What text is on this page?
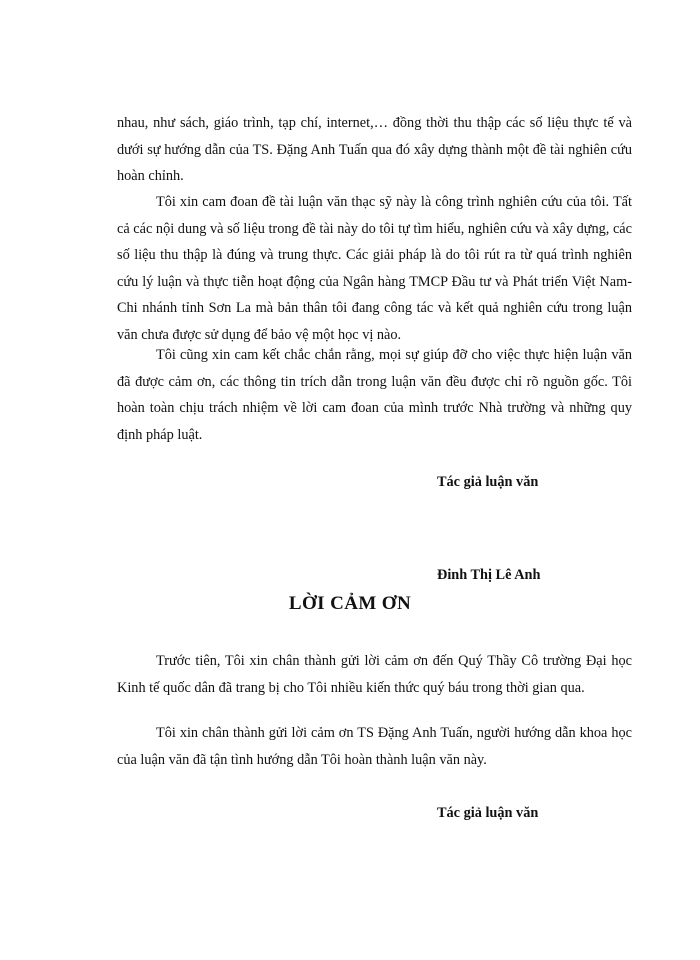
nhau, như sách, giáo trình, tạp chí, internet,… đồng thời thu thập các số liệu thực tế và dưới sự hướng dẫn của TS. Đặng Anh Tuấn qua đó xây dựng thành một đề tài nghiên cứu hoàn chỉnh.

Tôi xin cam đoan đề tài luận văn thạc sỹ này là công trình nghiên cứu của tôi. Tất cả các nội dung và số liệu trong đề tài này do tôi tự tìm hiểu, nghiên cứu và xây dựng, các số liệu thu thập là đúng và trung thực. Các giải pháp là do tôi rút ra từ quá trình nghiên cứu lý luận và thực tiễn hoạt động của Ngân hàng TMCP Đầu tư và Phát triển Việt Nam-Chi nhánh tỉnh Sơn La mà bản thân tôi đang công tác và kết quả nghiên cứu trong luận văn chưa được sử dụng để bảo vệ một học vị nào.

Tôi cũng xin cam kết chắc chắn rằng, mọi sự giúp đỡ cho việc thực hiện luận văn đã được cảm ơn, các thông tin trích dẫn trong luận văn đều được chỉ rõ nguồn gốc. Tôi hoàn toàn chịu trách nhiệm về lời cam đoan của mình trước Nhà trường và những quy định pháp luật.

Tác giả luận văn

Đinh Thị Lê Anh

LỜI CẢM ƠN

Trước tiên, Tôi xin chân thành gửi lời cảm ơn đến Quý Thầy Cô trường Đại học Kinh tế quốc dân đã trang bị cho Tôi nhiều kiến thức quý báu trong thời gian qua.

Tôi xin chân thành gửi lời cảm ơn TS Đặng Anh Tuấn, người hướng dẫn khoa học của luận văn đã tận tình hướng dẫn Tôi hoàn thành luận văn này.

Tác giả luận văn
